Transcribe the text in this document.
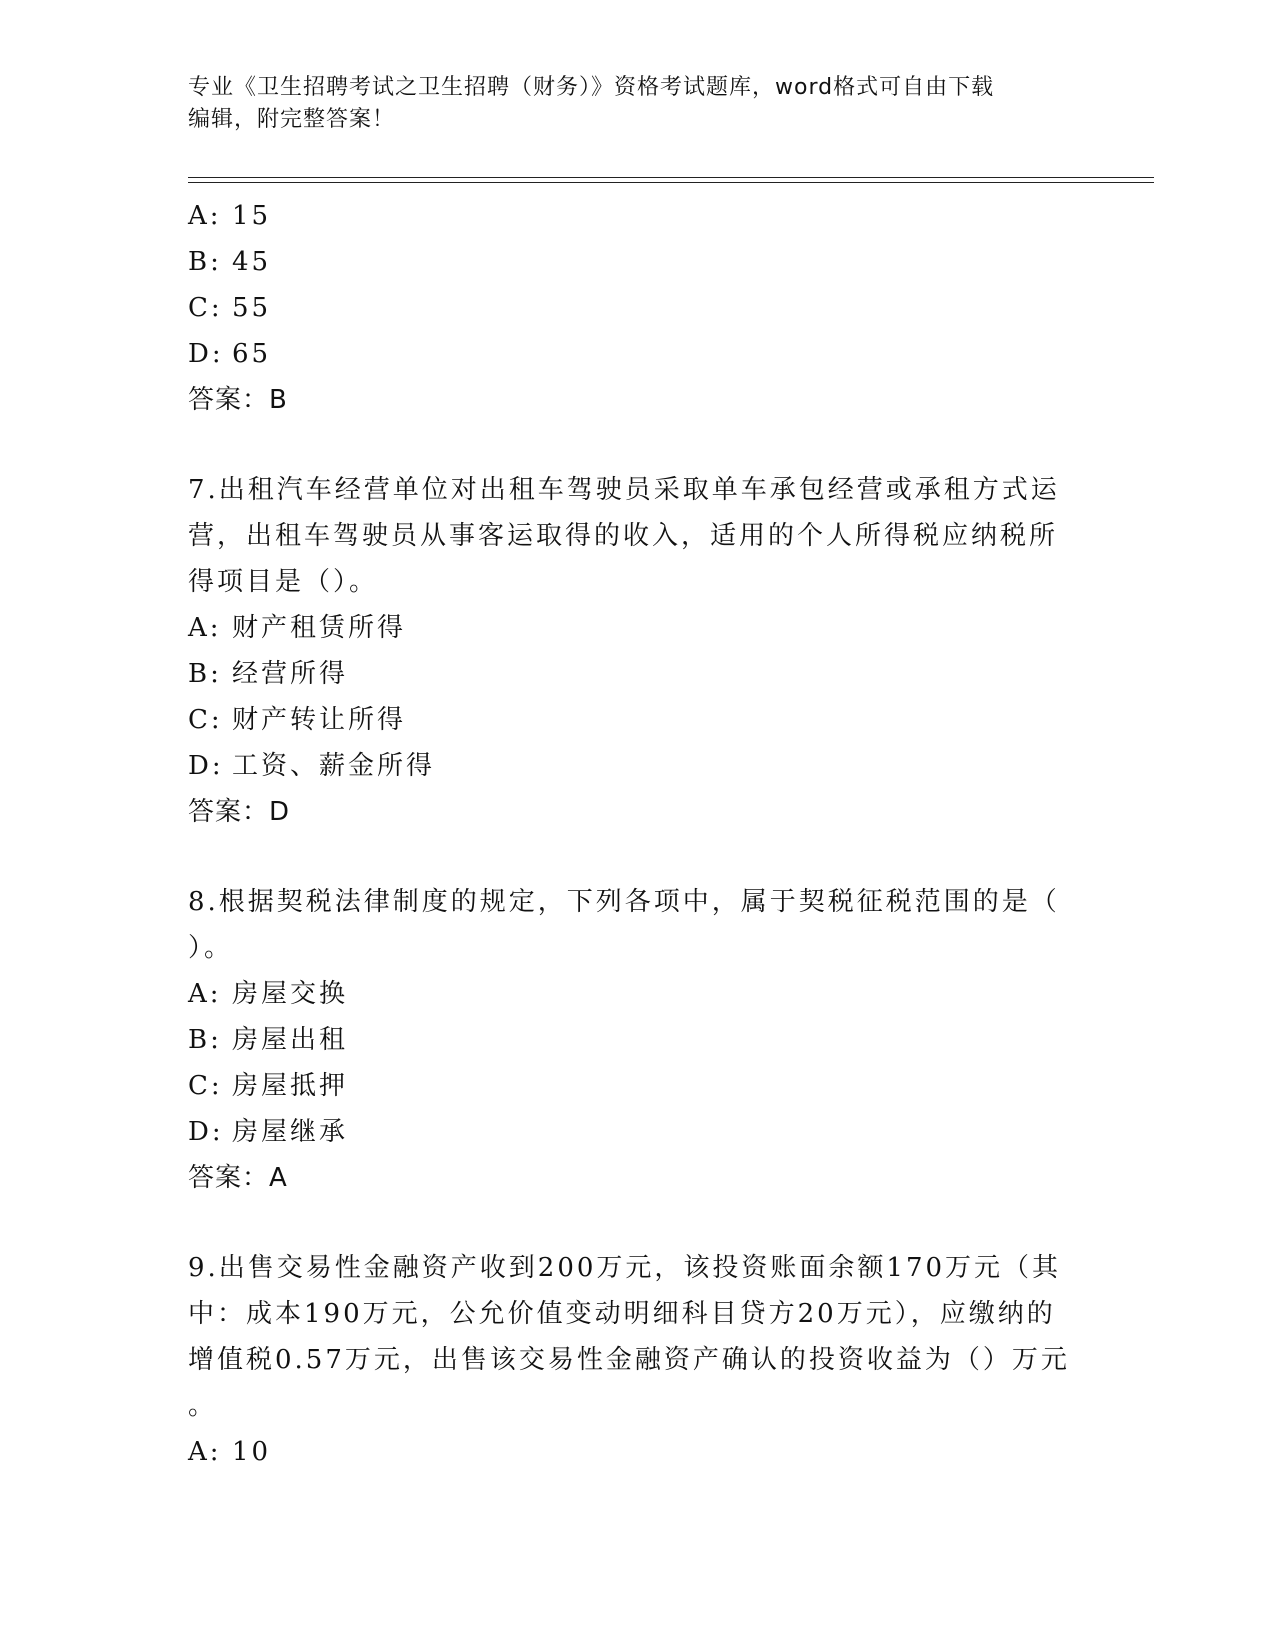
专业《卫生招聘考试之卫生招聘（财务）》资格考试题库，word格式可自由下载
编辑，附完整答案！
A: 15
B: 45
C: 55
D: 65
答案：B
7.出租汽车经营单位对出租车驾驶员采取单车承包经营或承租方式运
营，出租车驾驶员从事客运取得的收入，适用的个人所得税应纳税所
得项目是（）。
A: 财产租赁所得
B: 经营所得
C: 财产转让所得
D: 工资、薪金所得
答案：D
8.根据契税法律制度的规定，下列各项中，属于契税征税范围的是（
）。
A: 房屋交换
B: 房屋出租
C: 房屋抵押
D: 房屋继承
答案：A
9.出售交易性金融资产收到200万元，该投资账面余额170万元（其
中：成本190万元，公允价值变动明细科目贷方20万元），应缴纳的
增值税0.57万元，出售该交易性金融资产确认的投资收益为（）万元
。
A: 10
